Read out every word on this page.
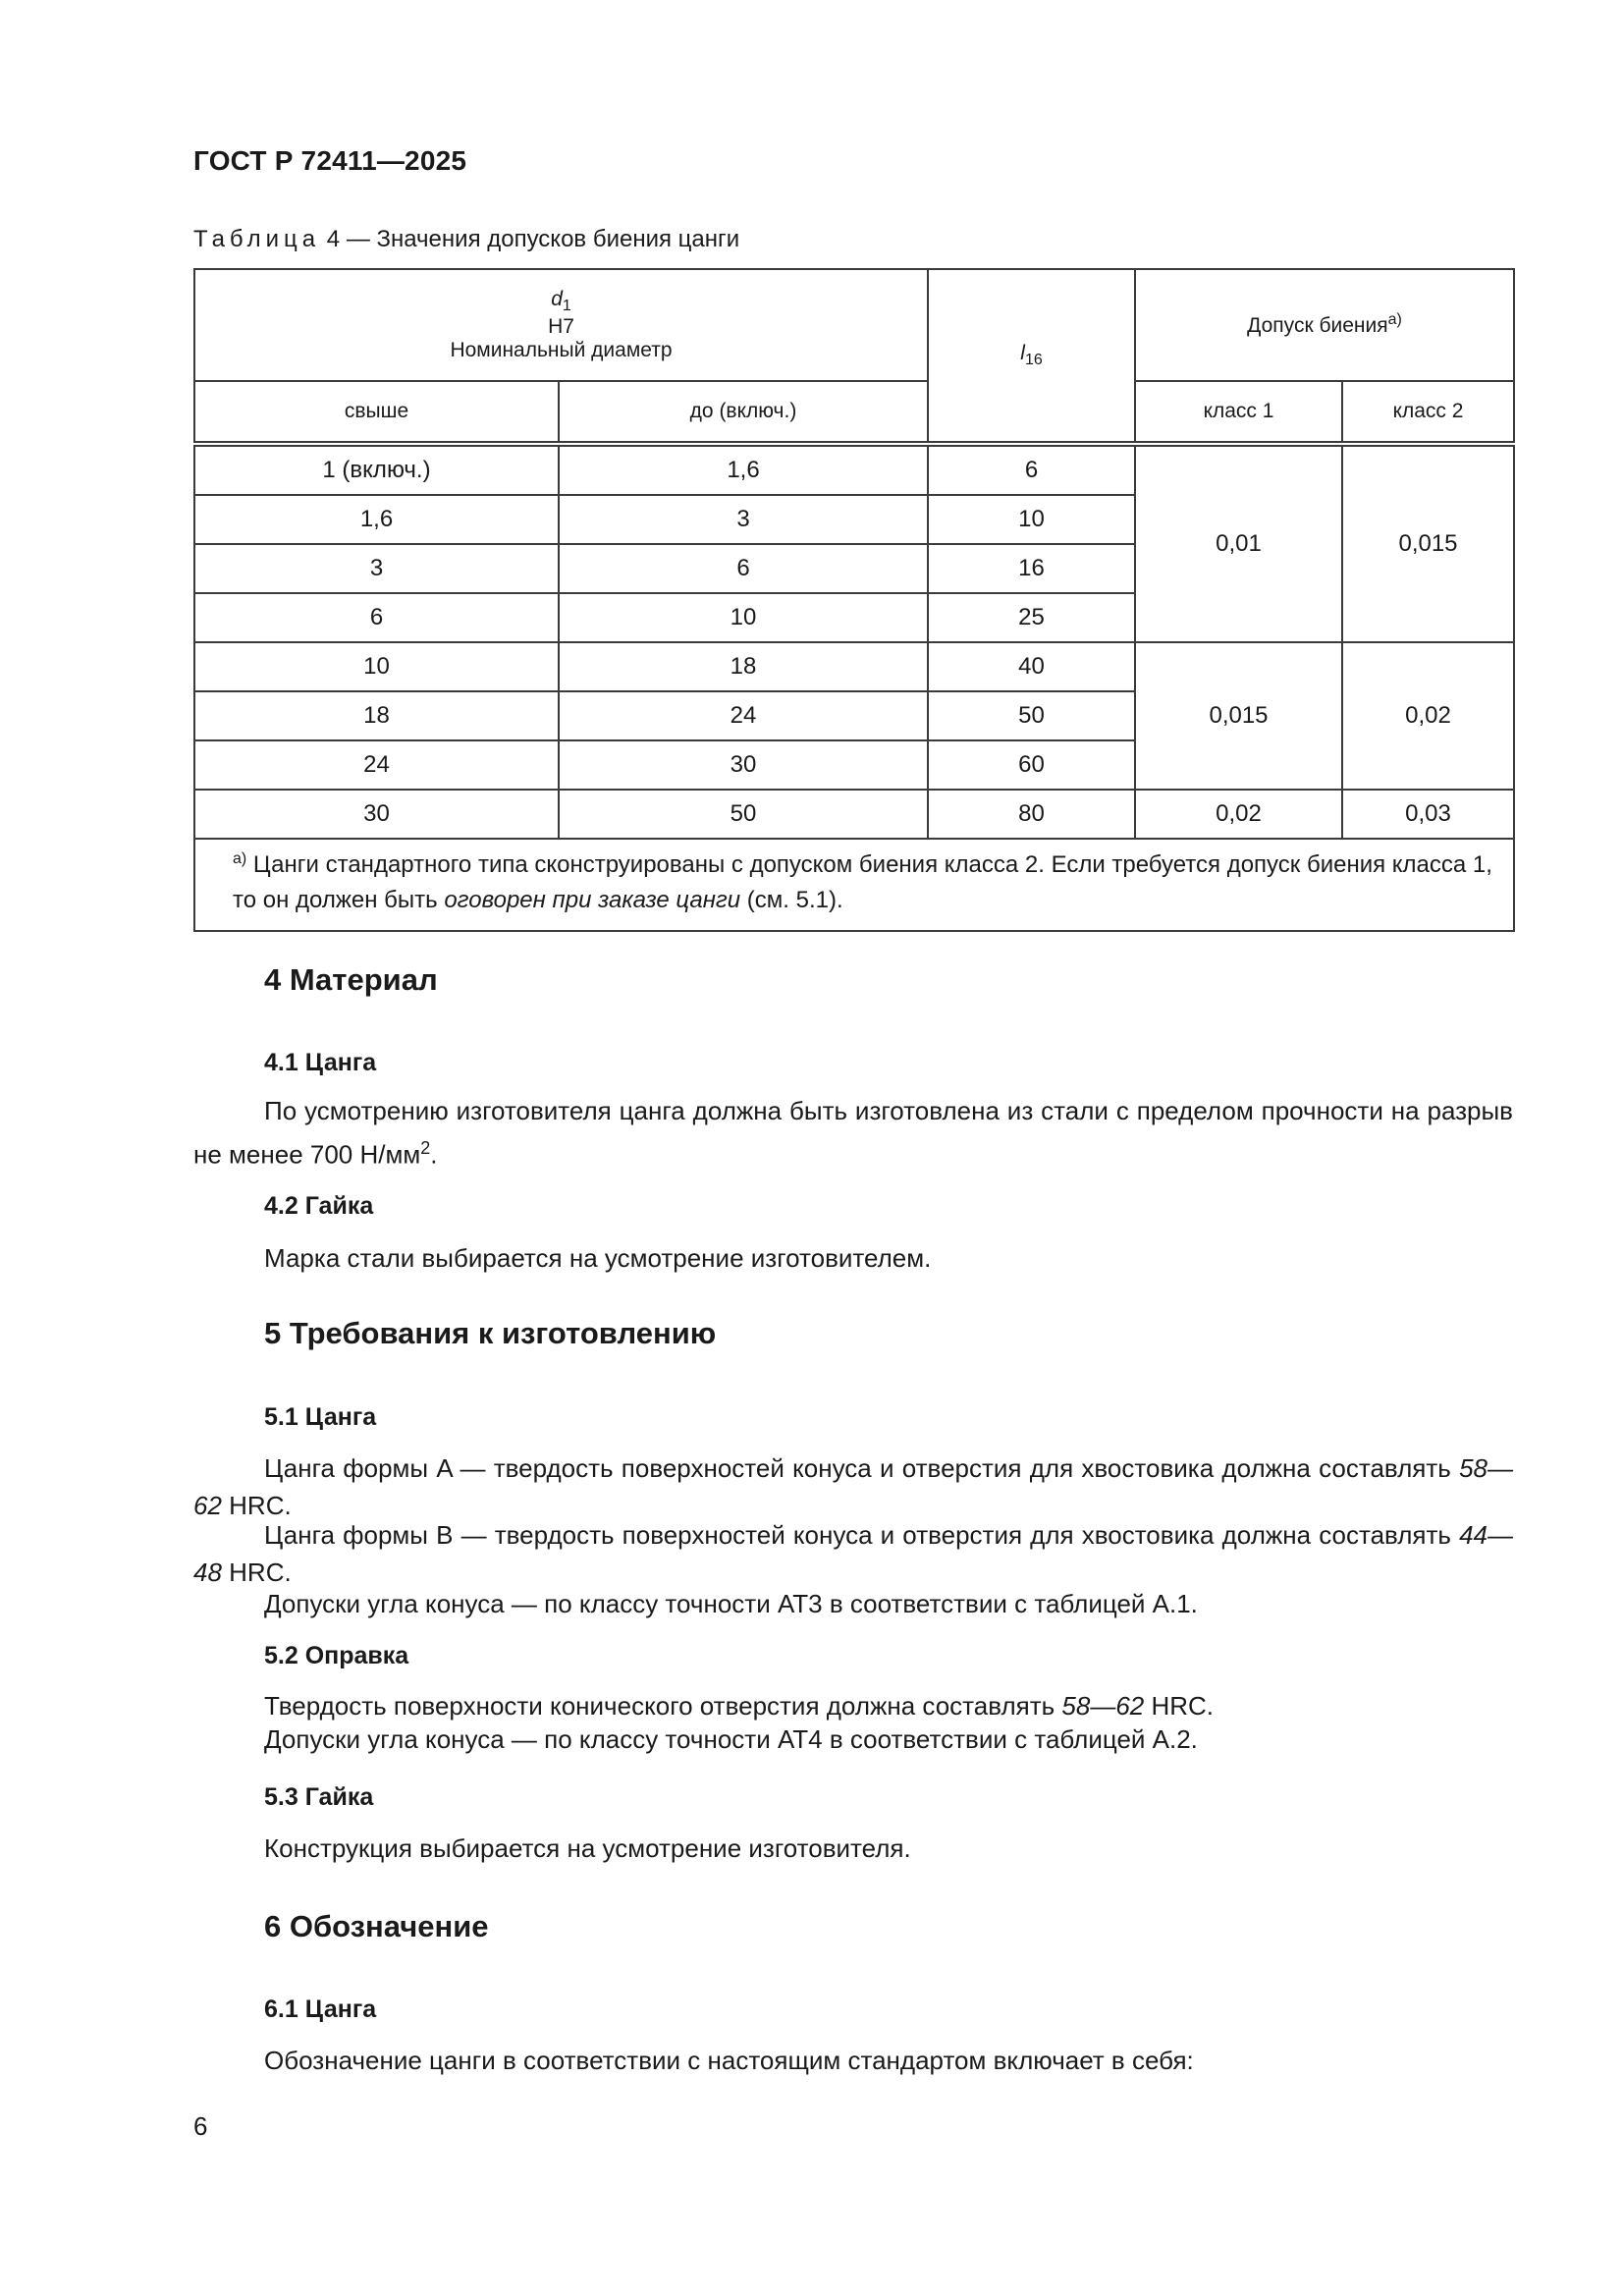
ГОСТ Р 72411—2025
Таблица 4 — Значения допусков биения цанги
$d_1$
H7
Номинальный диаметр		$l_{16}$	Допуск биения$^{a)}$
свыше	до (включ.)		класс 1	класс 2
1 (включ.)	1,6	6	0,01	0,015
1,6	3	10		
3	6	16		
6	10	25		
10	18	40	0,015	0,02
18	24	50		
24	30	60		
30	50	80	0,02	0,03
$^{a)}$ Цанги стандартного типа сконструированы с допуском биения класса 2. Если требуется допуск биения класса 1, то он должен быть оговорен при заказе цанги (см. 5.1).				
4 Материал
4.1 Цанга
По усмотрению изготовителя цанга должна быть изготовлена из стали с пределом прочности на разрыв не менее 700 $Н/мм^2$.
4.2 Гайка
Марка стали выбирается на усмотрение изготовителем.
5 Требования к изготовлению
5.1 Цанга
Цанга формы A — твердость поверхностей конуса и отверстия для хвостовика должна составлять 58—62 HRC.
Цанга формы B — твердость поверхностей конуса и отверстия для хвостовика должна составлять 44—48 HRC.
Допуски угла конуса — по классу точности АТ3 в соответствии с таблицей А.1.
5.2 Оправка
Твердость поверхности конического отверстия должна составлять 58—62 HRC.
Допуски угла конуса — по классу точности АТ4 в соответствии с таблицей А.2.
5.3 Гайка
Конструкция выбирается на усмотрение изготовителя.
6 Обозначение
6.1 Цанга
Обозначение цанги в соответствии с настоящим стандартом включает в себя:
6
